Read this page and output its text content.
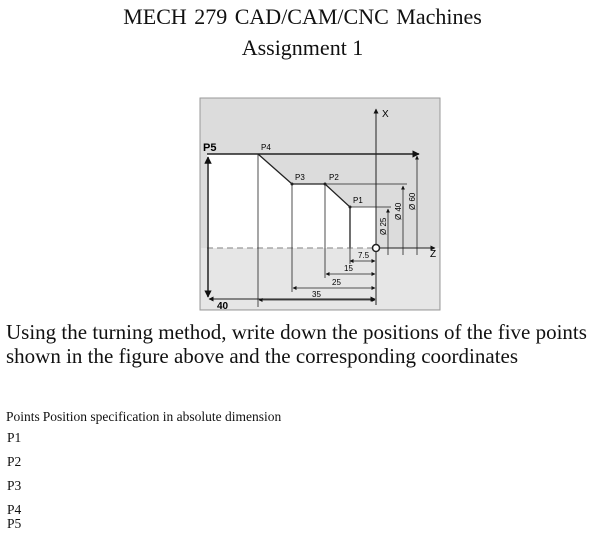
MECH 279 CAD/CAM/CNC Machines
Assignment 1
X
Z
P1
P2
P3
P4
P5
7.5
15
25
35
40
Ø 25
Ø 40
Ø 60
Using the turning method, write down the positions of the five points shown in the figure above and the corresponding coordinates
Points Position specification in absolute dimension
P1
P2
P3
P4
P5
